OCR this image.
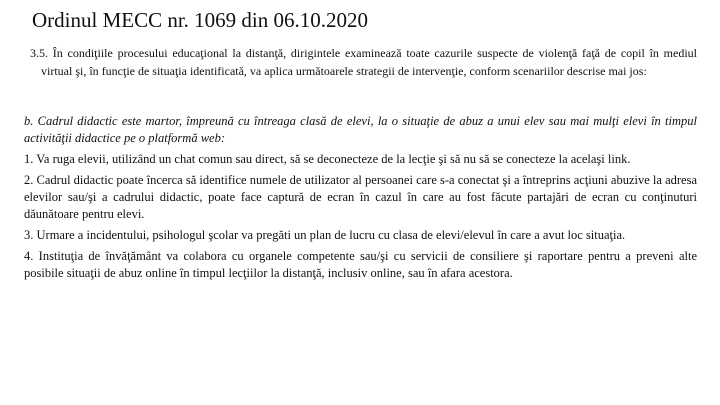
Ordinul MECC nr. 1069 din 06.10.2020
3.5. În condiţiile procesului educaţional la distanţă, dirigintele examinează toate cazurile suspecte de violenţă faţă de copil în mediul virtual şi, în funcţie de situaţia identificată, va aplica următoarele strategii de intervenţie, conform scenariilor descrise mai jos:

b. Cadrul didactic este martor, împreună cu întreaga clasă de elevi, la o situaţie de abuz a unui elev sau mai mulţi elevi în timpul activităţii didactice pe o platformă web:

1. Va ruga elevii, utilizând un chat comun sau direct, să se deconecteze de la lecţie şi să nu să se conecteze la acelaşi link.

2. Cadrul didactic poate încerca să identifice numele de utilizator al persoanei care s-a conectat şi a întreprins acţiuni abuzive la adresa elevilor sau/şi a cadrului didactic, poate face captură de ecran în cazul în care au fost făcute partajări de ecran cu conţinuturi dăunătoare pentru elevi.

3. Urmare a incidentului, psihologul şcolar va pregăti un plan de lucru cu clasa de elevi/elevul în care a avut loc situaţia.

4. Instituţia de învăţământ va colabora cu organele competente sau/şi cu servicii de consiliere şi raportare pentru a preveni alte posibile situaţii de abuz online în timpul lecţiilor la distanţă, inclusiv online, sau în afara acestora.
